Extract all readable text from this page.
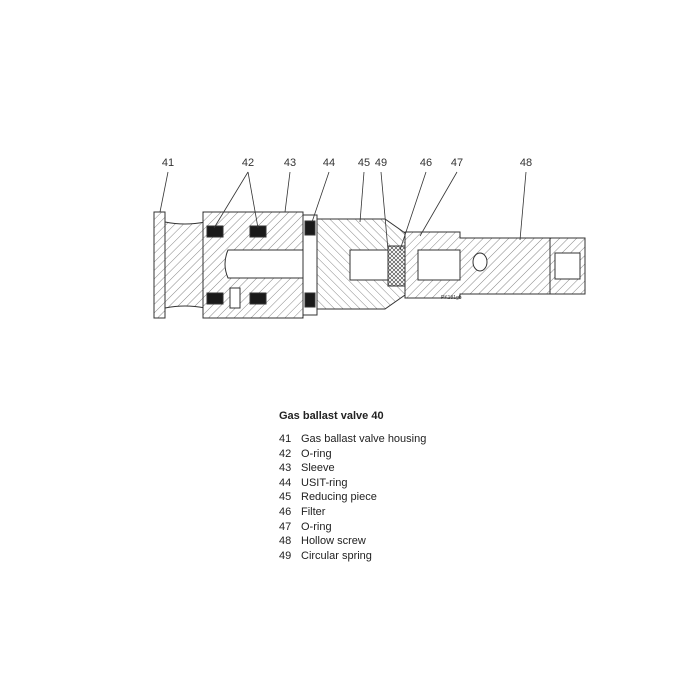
41	42	43 44 45 49	46 47	48
PK181gb
Gas ballast valve 40
41 Gas ballast valve housing
42 O-ring
43 Sleeve
44 USIT-ring
45 Reducing piece
46 Filter
47 O-ring
48 Hollow screw
49 Circular spring
